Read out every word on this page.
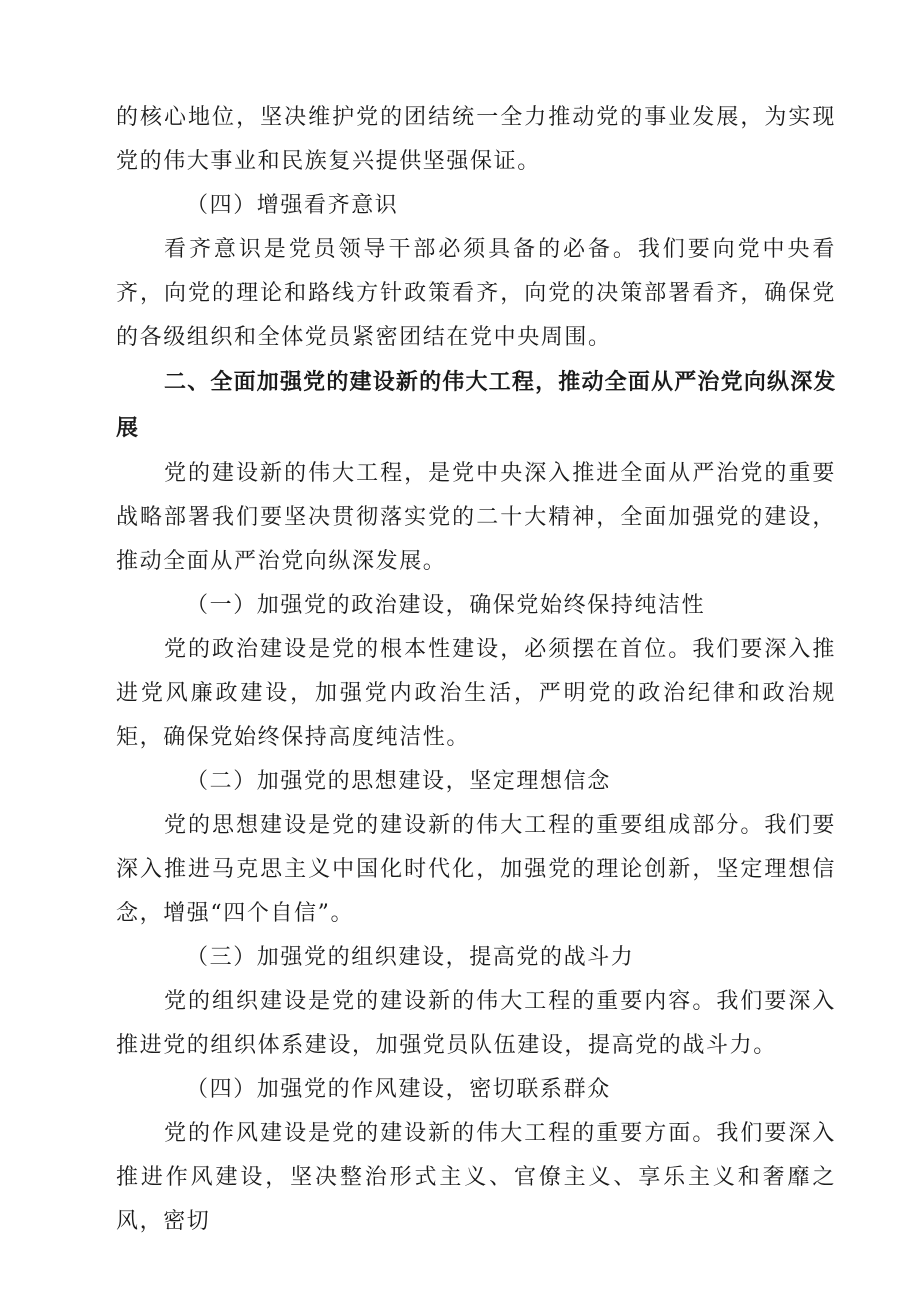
的核心地位，坚决维护党的团结统一全力推动党的事业发展，为实现党的伟大事业和民族复兴提供坚强保证。

（四）增强看齐意识

看齐意识是党员领导干部必须具备的必备。我们要向党中央看齐，向党的理论和路线方针政策看齐，向党的决策部署看齐，确保党的各级组织和全体党员紧密团结在党中央周围。

二、全面加强党的建设新的伟大工程，推动全面从严治党向纵深发展

党的建设新的伟大工程，是党中央深入推进全面从严治党的重要战略部署我们要坚决贯彻落实党的二十大精神，全面加强党的建设，推动全面从严治党向纵深发展。

（一）加强党的政治建设，确保党始终保持纯洁性

党的政治建设是党的根本性建设，必须摆在首位。我们要深入推进党风廉政建设，加强党内政治生活，严明党的政治纪律和政治规矩，确保党始终保持高度纯洁性。

（二）加强党的思想建设，坚定理想信念

党的思想建设是党的建设新的伟大工程的重要组成部分。我们要深入推进马克思主义中国化时代化，加强党的理论创新，坚定理想信念，增强“四个自信”。

（三）加强党的组织建设，提高党的战斗力

党的组织建设是党的建设新的伟大工程的重要内容。我们要深入推进党的组织体系建设，加强党员队伍建设，提高党的战斗力。

（四）加强党的作风建设，密切联系群众

党的作风建设是党的建设新的伟大工程的重要方面。我们要深入推进作风建设，坚决整治形式主义、官僚主义、享乐主义和奢靡之风，密切
